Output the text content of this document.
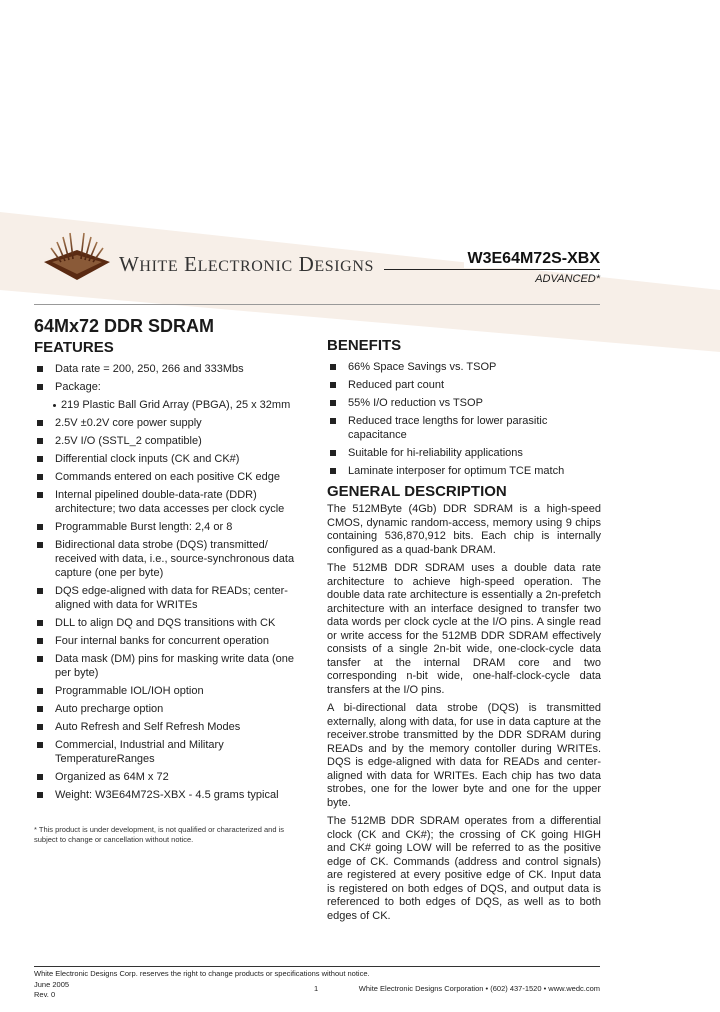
WHITE ELECTRONIC DESIGNS	W3E64M72S-XBX
ADVANCED*
64Mx72 DDR SDRAM
FEATURES
Data rate = 200, 250, 266 and 333Mbs
Package:
219 Plastic Ball Grid Array (PBGA), 25 x 32mm
2.5V ±0.2V core power supply
2.5V I/O (SSTL_2 compatible)
Differential clock inputs (CK and CK#)
Commands entered on each positive CK edge
Internal pipelined double-data-rate (DDR) architecture; two data accesses per clock cycle
Programmable Burst length: 2,4 or 8
Bidirectional data strobe (DQS) transmitted/ received with data, i.e., source-synchronous data capture (one per byte)
DQS edge-aligned with data for READs; center-aligned with data for WRITEs
DLL to align DQ and DQS transitions with CK
Four internal banks for concurrent operation
Data mask (DM) pins for masking write data (one per byte)
Programmable IOL/IOH option
Auto precharge option
Auto Refresh and Self Refresh Modes
Commercial, Industrial and Military TemperatureRanges
Organized as 64M x 72
Weight: W3E64M72S-XBX - 4.5 grams typical
* This product is under development, is not qualified or characterized and is subject to change or cancellation without notice.
BENEFITS
66% Space Savings vs. TSOP
Reduced part count
55% I/O reduction vs TSOP
Reduced trace lengths for lower parasitic capacitance
Suitable for hi-reliability applications
Laminate interposer for optimum TCE match
GENERAL DESCRIPTION

The 512MByte (4Gb) DDR SDRAM is a high-speed CMOS, dynamic random-access, memory using 9 chips containing 536,870,912 bits. Each chip is internally configured as a quad-bank DRAM.

The 512MB DDR SDRAM uses a double data rate architecture to achieve high-speed operation. The double data rate architecture is essentially a 2n-prefetch architecture with an interface designed to transfer two data words per clock cycle at the I/O pins. A single read or write access for the 512MB DDR SDRAM effectively consists of a single 2n-bit wide, one-clock-cycle data tansfer at the internal DRAM core and two corresponding n-bit wide, one-half-clock-cycle data transfers at the I/O pins.

A bi-directional data strobe (DQS) is transmitted externally, along with data, for use in data capture at the receiver.strobe transmitted by the DDR SDRAM during READs and by the memory contoller during WRITEs. DQS is edge-aligned with data for READs and center-aligned with data for WRITEs. Each chip has two data strobes, one for the lower byte and one for the upper byte.

The 512MB DDR SDRAM operates from a differential clock (CK and CK#); the crossing of CK going HIGH and CK# going LOW will be referred to as the positive edge of CK. Commands (address and control signals) are registered at every positive edge of CK. Input data is registered on both edges of DQS, and output data is referenced to both edges of DQS, as well as to both edges of CK.

White Electronic Designs Corp. reserves the right to change products or specifications without notice.
June 2005
Rev. 0
1	White Electronic Designs Corporation • (602) 437-1520 • www.wedc.com
